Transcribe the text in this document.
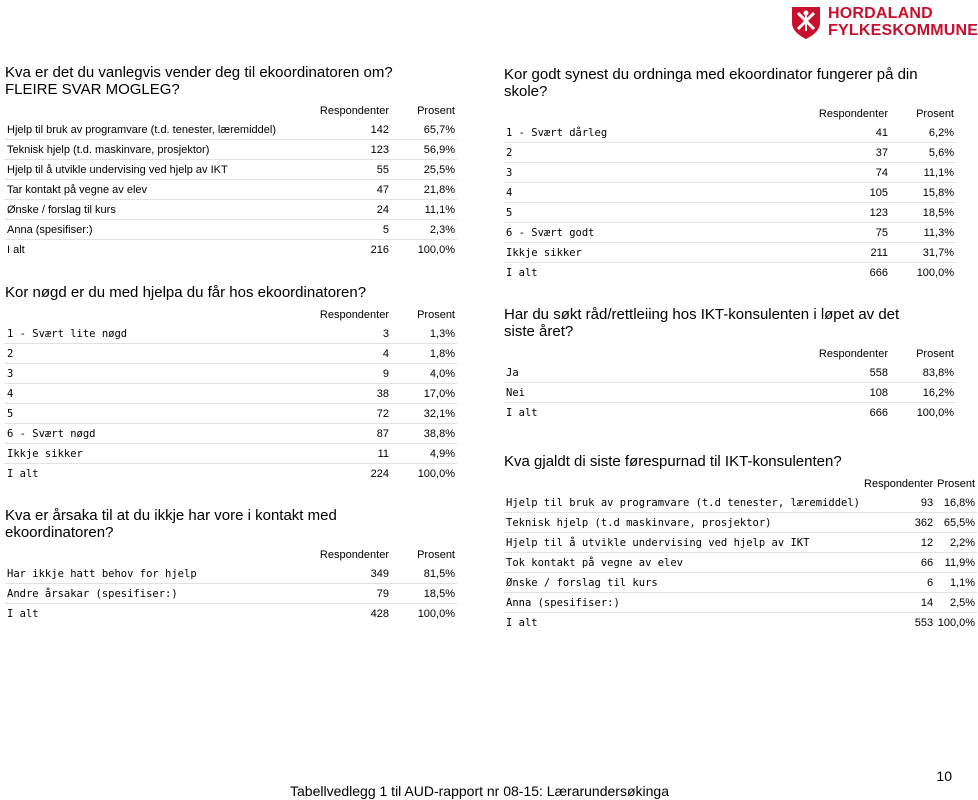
HORDALAND
FYLKESKOMMUNE

Kva er det du vanlegvis vender deg til ekoordinatoren om?
FLEIRE SVAR MOGLEG?

	Respondenter	Prosent
Hjelp til bruk av programvare (t.d. tenester, læremiddel)	142	65,7%
Teknisk hjelp (t.d. maskinvare, prosjektor)	123	56,9%
Hjelp til å utvikle undervising ved hjelp av IKT	55	25,5%
Tar kontakt på vegne av elev	47	21,8%
Ønske / forslag til kurs	24	11,1%
Anna (spesifiser:)	5	2,3%
I alt	216	100,0%

Kor nøgd er du med hjelpa du får hos ekoordinatoren?

	Respondenter	Prosent
1 - Svært lite nøgd	3	1,3%
2	4	1,8%
3	9	4,0%
4	38	17,0%
5	72	32,1%
6 - Svært nøgd	87	38,8%
Ikkje sikker	11	4,9%
I alt	224	100,0%

Kva er årsaka til at du ikkje har vore i kontakt med
ekoordinatoren?

	Respondenter	Prosent
Har ikkje hatt behov for hjelp	349	81,5%
Andre årsakar (spesifiser:)	79	18,5%
I alt	428	100,0%

Kor godt synest du ordninga med ekoordinator fungerer på din
skole?

	Respondenter	Prosent
1 - Svært dårleg	41	6,2%
2	37	5,6%
3	74	11,1%
4	105	15,8%
5	123	18,5%
6 - Svært godt	75	11,3%
Ikkje sikker	211	31,7%
I alt	666	100,0%

Har du søkt råd/rettleiing hos IKT-konsulenten i løpet av det
siste året?

	Respondenter	Prosent
Ja	558	83,8%
Nei	108	16,2%
I alt	666	100,0%

Kva gjaldt di siste førespurnad til IKT-konsulenten?

	Respondenter	Prosent
Hjelp til bruk av programvare (t.d tenester, læremiddel)	93	16,8%
Teknisk hjelp (t.d maskinvare, prosjektor)	362	65,5%
Hjelp til å utvikle undervising ved hjelp av IKT	12	2,2%
Tok kontakt på vegne av elev	66	11,9%
Ønske / forslag til kurs	6	1,1%
Anna (spesifiser:)	14	2,5%
I alt	553	100,0%
Tabellvedlegg 1 til AUD-rapport nr 08-15: Lærarundersøkinga
10
